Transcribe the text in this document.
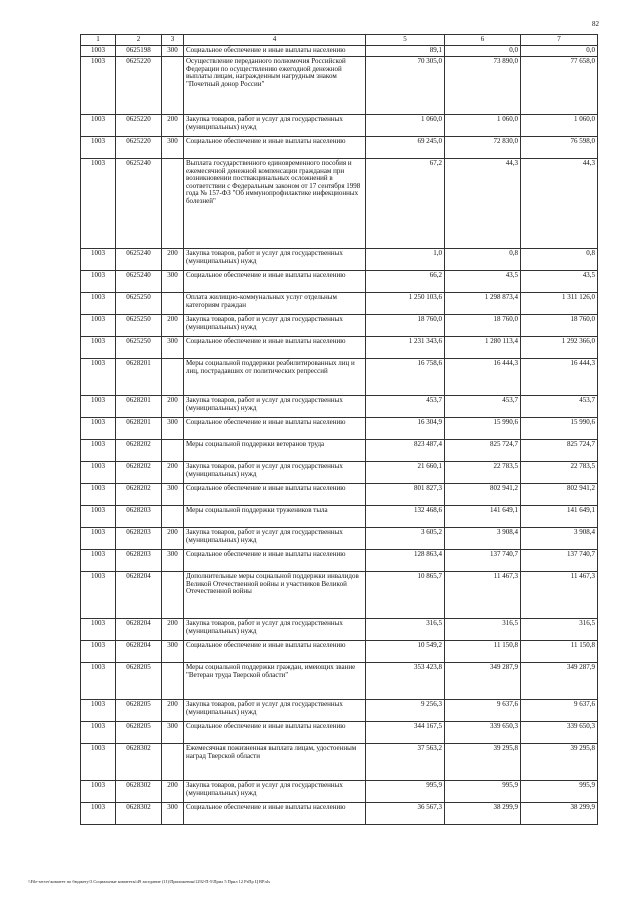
82
1	2	3	4	5	6	7
1003	0625198	300	Социальное обеспечение и иные выплаты населению	89,1	0,0	0,0
1003	0625220		Осуществление переданного полномочия Российской Федерации по осуществлению ежегодной денежной выплаты лицам, награжденным нагрудным знаком "Почетный донор России"	70 305,0	73 890,0	77 658,0
1003	0625220	200	Закупка товаров, работ и услуг для государственных (муниципальных) нужд	1 060,0	1 060,0	1 060,0
1003	0625220	300	Социальное обеспечение и иные выплаты населению	69 245,0	72 830,0	76 598,0
1003	0625240		Выплата государственного единовременного пособия и ежемесячной денежной компенсации гражданам при возникновении поствакцинальных осложнений в соответствии с Федеральным законом от 17 сентября 1998 года № 157-ФЗ "Об иммунопрофилактике инфекционных болезней"	67,2	44,3	44,3
1003	0625240	200	Закупка товаров, работ и услуг для государственных (муниципальных) нужд	1,0	0,8	0,8
1003	0625240	300	Социальное обеспечение и иные выплаты населению	66,2	43,5	43,5
1003	0625250		Оплата жилищно-коммунальных услуг отдельным категориям граждан	1 250 103,6	1 298 873,4	1 311 126,0
1003	0625250	200	Закупка товаров, работ и услуг для государственных (муниципальных) нужд	18 760,0	18 760,0	18 760,0
1003	0625250	300	Социальное обеспечение и иные выплаты населению	1 231 343,6	1 280 113,4	1 292 366,0
1003	0628201		Меры социальной поддержки реабилитированных лиц и лиц, пострадавших от политических репрессий	16 758,6	16 444,3	16 444,3
1003	0628201	200	Закупка товаров, работ и услуг для государственных (муниципальных) нужд	453,7	453,7	453,7
1003	0628201	300	Социальное обеспечение и иные выплаты населению	16 304,9	15 990,6	15 990,6
1003	0628202		Меры социальной поддержки ветеранов труда	823 487,4	825 724,7	825 724,7
1003	0628202	200	Закупка товаров, работ и услуг для государственных (муниципальных) нужд	21 660,1	22 783,5	22 783,5
1003	0628202	300	Социальное обеспечение и иные выплаты населению	801 827,3	802 941,2	802 941,2
1003	0628203		Меры социальной поддержки тружеников тыла	132 468,6	141 649,1	141 649,1
1003	0628203	200	Закупка товаров, работ и услуг для государственных (муниципальных) нужд	3 605,2	3 908,4	3 908,4
1003	0628203	300	Социальное обеспечение и иные выплаты населению	128 863,4	137 740,7	137 740,7
1003	0628204		Дополнительные меры социальной поддержки инвалидов Великой Отечественной войны и участников Великой Отечественной войны	10 865,7	11 467,3	11 467,3
1003	0628204	200	Закупка товаров, работ и услуг для государственных (муниципальных) нужд	316,5	316,5	316,5
1003	0628204	300	Социальное обеспечение и иные выплаты населению	10 549,2	11 150,8	11 150,8
1003	0628205		Меры социальной поддержки граждан, имеющих звание "Ветеран труда Тверской области"	353 423,8	349 287,9	349 287,9
1003	0628205	200	Закупка товаров, работ и услуг для государственных (муниципальных) нужд	9 256,3	9 637,6	9 637,6
1003	0628205	300	Социальное обеспечение и иные выплаты населению	344 167,5	339 650,3	339 650,3
1003	0628302		Ежемесячная пожизненная выплата лицам, удостоенным наград Тверской области	37 563,2	39 295,8	39 295,8
1003	0628302	200	Закупка товаров, работ и услуг для государственных (муниципальных) нужд	995,9	995,9	995,9
1003	0628302	300	Социальное обеспечение и иные выплаты населению	36 567,3	38 299,9	38 299,9
\\File-server\комитет по бюджету\3 Социальные комитеты\49 заседание (11)\Приложения\1292-П-5\Прил 5 Прил 12 РзПр Ц ВР.xls
